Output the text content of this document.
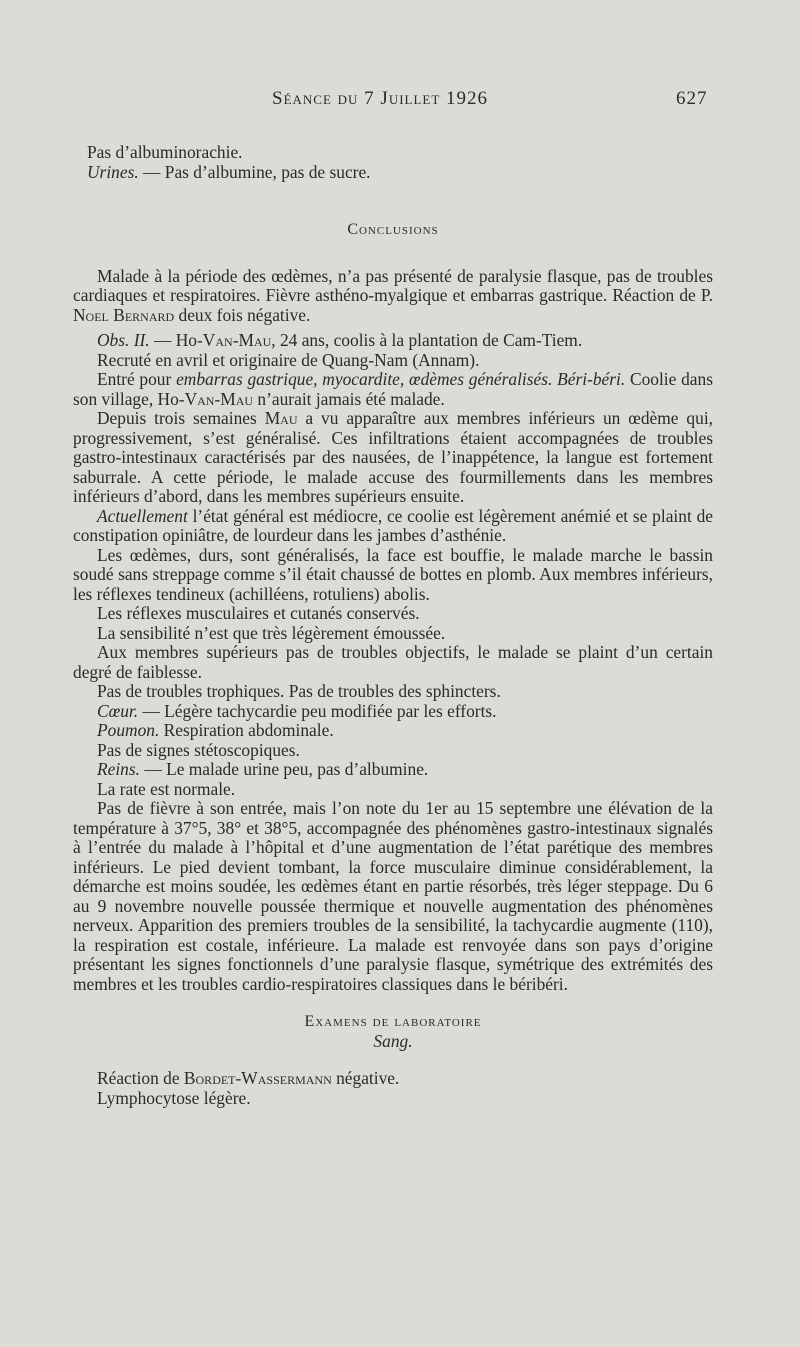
Séance du 7 Juillet 1926	627

Pas d’albuminorachie.

Urines. — Pas d’albumine, pas de sucre.

Conclusions

Malade à la période des œdèmes, n’a pas présenté de paralysie flasque, pas de troubles cardiaques et respiratoires. Fièvre asthéno-myalgique et embarras gastrique. Réaction de P. Noel Bernard deux fois négative.

Obs. II. — Ho-Van-Mau, 24 ans, coolis à la plantation de Cam-Tiem.

Recruté en avril et originaire de Quang-Nam (Annam).

Entré pour embarras gastrique, myocardite, œdèmes généralisés. Béri-béri. Coolie dans son village, Ho-Van-Mau n’aurait jamais été malade.

Depuis trois semaines Mau a vu apparaître aux membres inférieurs un œdème qui, progressivement, s’est généralisé. Ces infiltrations étaient accompagnées de troubles gastro-intestinaux caractérisés par des nausées, de l’inappétence, la langue est fortement saburrale. A cette période, le malade accuse des fourmillements dans les membres inférieurs d’abord, dans les membres supérieurs ensuite.

Actuellement l’état général est médiocre, ce coolie est légèrement anémié et se plaint de constipation opiniâtre, de lourdeur dans les jambes d’asthénie.

Les œdèmes, durs, sont généralisés, la face est bouffie, le malade marche le bassin soudé sans streppage comme s’il était chaussé de bottes en plomb. Aux membres inférieurs, les réflexes tendineux (achilléens, rotuliens) abolis.

Les réflexes musculaires et cutanés conservés.

La sensibilité n’est que très légèrement émoussée.

Aux membres supérieurs pas de troubles objectifs, le malade se plaint d’un certain degré de faiblesse.

Pas de troubles trophiques. Pas de troubles des sphincters.

Cœur. — Légère tachycardie peu modifiée par les efforts.

Poumon. Respiration abdominale.

Pas de signes stétoscopiques.

Reins. — Le malade urine peu, pas d’albumine.

La rate est normale.

Pas de fièvre à son entrée, mais l’on note du 1er au 15 septembre une élévation de la température à 37°5, 38° et 38°5, accompagnée des phénomènes gastro-intestinaux signalés à l’entrée du malade à l’hôpital et d’une augmentation de l’état parétique des membres inférieurs. Le pied devient tombant, la force musculaire diminue considérablement, la démarche est moins soudée, les œdèmes étant en partie résorbés, très léger steppage. Du 6 au 9 novembre nouvelle poussée thermique et nouvelle augmentation des phénomènes nerveux. Apparition des premiers troubles de la sensibilité, la tachycardie augmente (110), la respiration est costale, inférieure. La malade est renvoyée dans son pays d’origine présentant les signes fonctionnels d’une paralysie flasque, symétrique des extrémités des membres et les troubles cardio-respiratoires classiques dans le béribéri.

Examens de laboratoire

Sang.

Réaction de Bordet-Wassermann négative.

Lymphocytose légère.
